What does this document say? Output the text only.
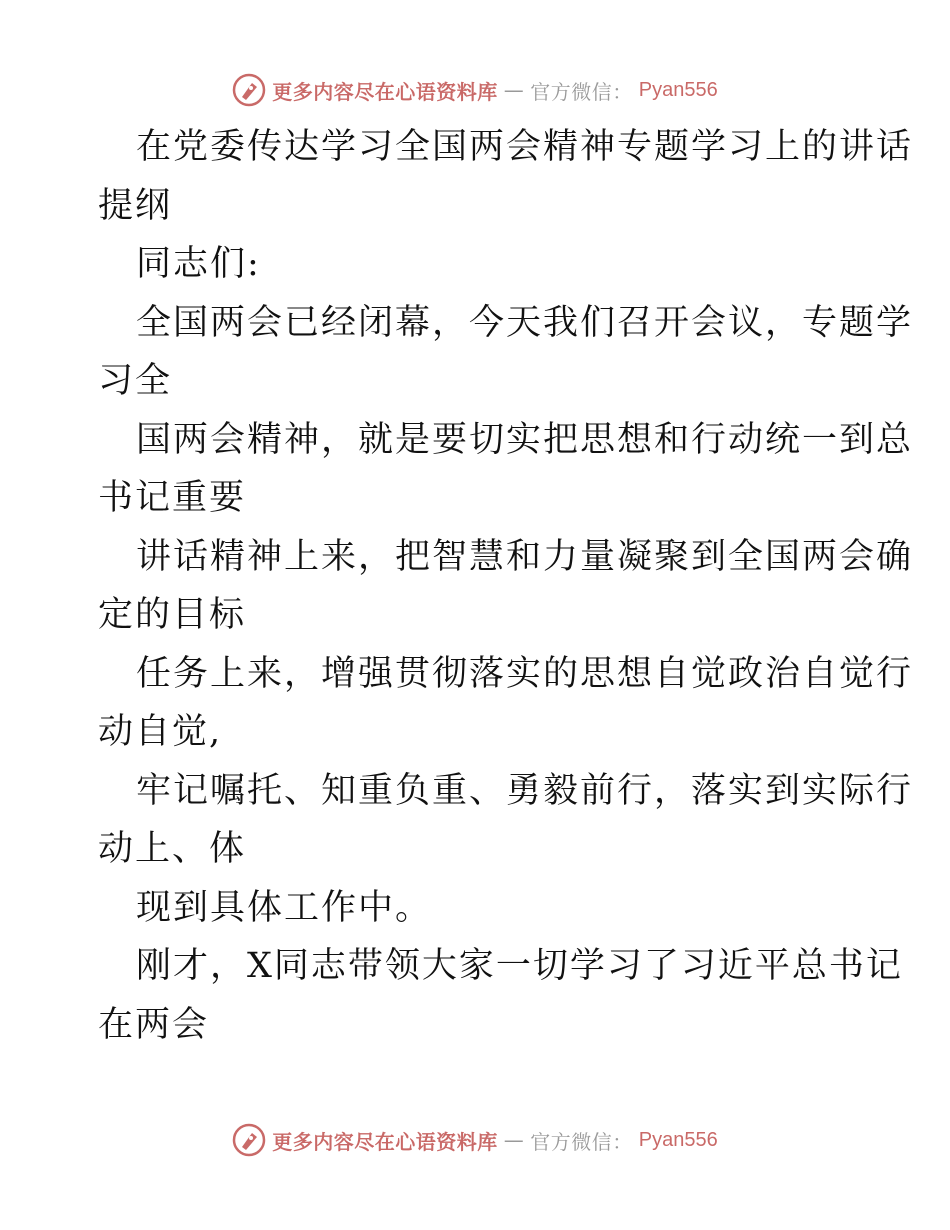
更多内容尽在心语资料库 — 官方微信： Pyan556
在党委传达学习全国两会精神专题学习上的讲话
提纲
同志们:
全国两会已经闭幕，今天我们召开会议，专题学
习全
国两会精神，就是要切实把思想和行动统一到总
书记重要
讲话精神上来，把智慧和力量凝聚到全国两会确
定的目标
任务上来，增强贯彻落实的思想自觉政治自觉行
动自觉,
牢记嘱托、知重负重、勇毅前行，落实到实际行
动上、体
现到具体工作中。
刚才，X同志带领大家一切学习了习近平总书记
在两会
更多内容尽在心语资料库 — 官方微信： Pyan556
